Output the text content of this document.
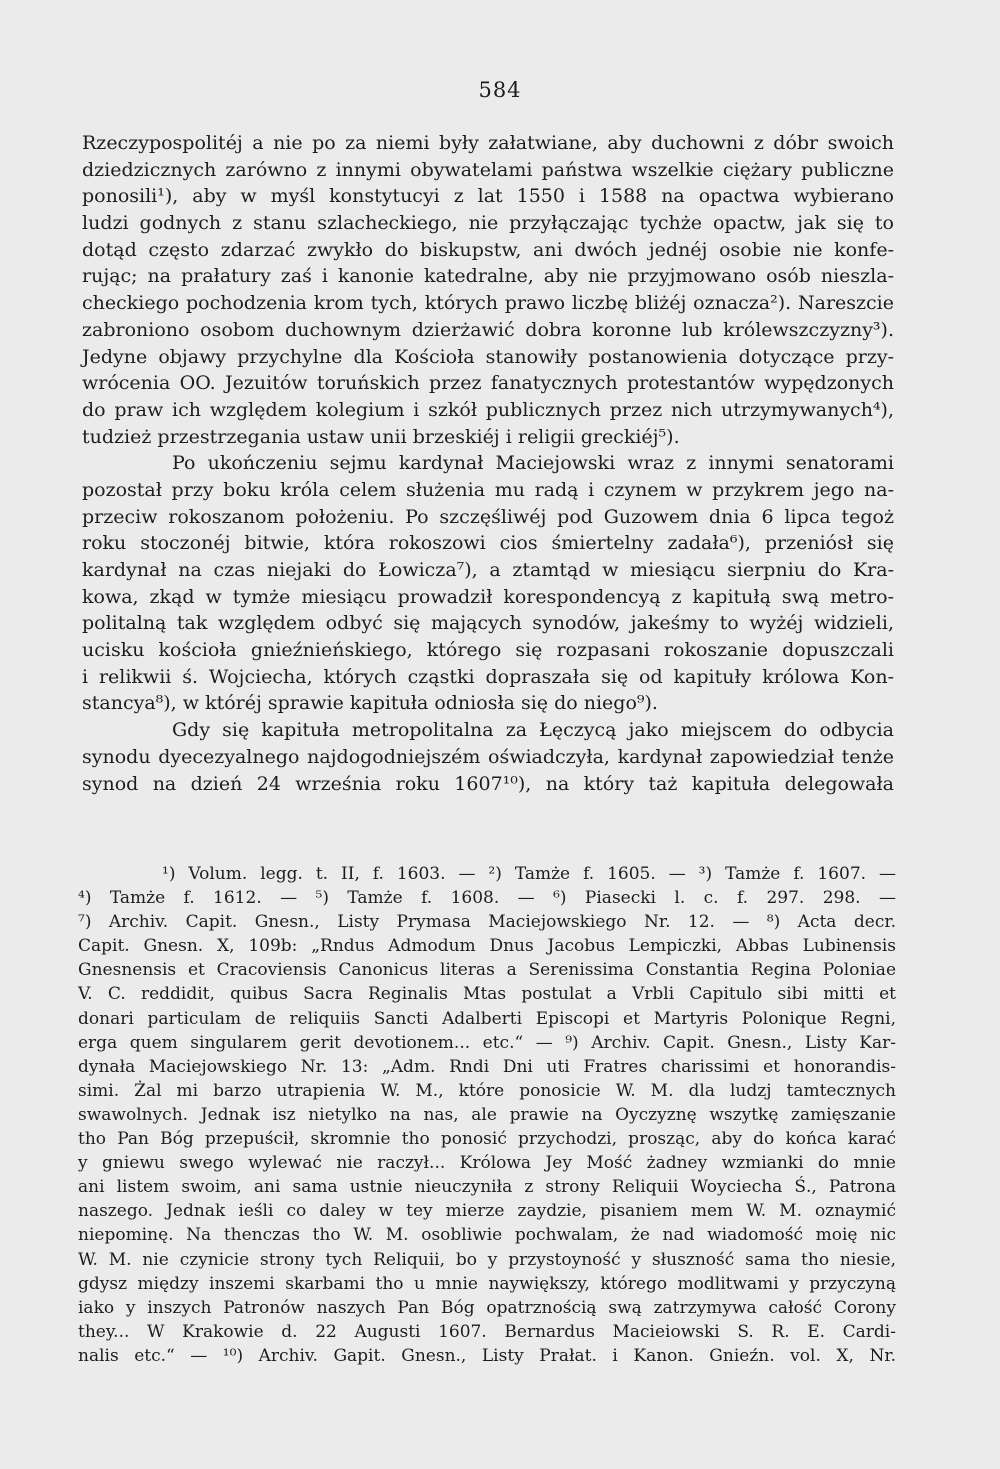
584
Rzeczypospolitéj a nie po za niemi były załatwiane, aby duchowni z dóbr swoich
dziedzicznych zarówno z innymi obywatelami państwa wszelkie ciężary publiczne
ponosili¹), aby w myśl konstytucyi z lat 1550 i 1588 na opactwa wybierano
ludzi godnych z stanu szlacheckiego, nie przyłączając tychże opactw, jak się to
dotąd często zdarzać zwykło do biskupstw, ani dwóch jednéj osobie nie konfe-
rując; na prałatury zaś i kanonie katedralne, aby nie przyjmowano osób nieszla-
checkiego pochodzenia krom tych, których prawo liczbę bliżéj oznacza²). Nareszcie
zabroniono osobom duchownym dzierżawić dobra koronne lub królewszczyzny³).
Jedyne objawy przychylne dla Kościoła stanowiły postanowienia dotyczące przy-
wrócenia OO. Jezuitów toruńskich przez fanatycznych protestantów wypędzonych
do praw ich względem kolegium i szkół publicznych przez nich utrzymywanych⁴),
tudzież przestrzegania ustaw unii brzeskiéj i religii greckiéj⁵).
Po ukończeniu sejmu kardynał Maciejowski wraz z innymi senatorami
pozostał przy boku króla celem służenia mu radą i czynem w przykrem jego na-
przeciw rokoszanom położeniu. Po szczęśliwéj pod Guzowem dnia 6 lipca tegoż
roku stoczonéj bitwie, która rokoszowi cios śmiertelny zadała⁶), przeniósł się
kardynał na czas niejaki do Łowicza⁷), a ztamtąd w miesiącu sierpniu do Kra-
kowa, zkąd w tymże miesiącu prowadził korespondencyą z kapitułą swą metro-
politalną tak względem odbyć się mających synodów, jakeśmy to wyżéj widzieli,
ucisku kościoła gnieźnieńskiego, którego się rozpasani rokoszanie dopuszczali
i relikwii ś. Wojciecha, których cząstki dopraszała się od kapituły królowa Kon-
stancya⁸), w któréj sprawie kapituła odniosła się do niego⁹).
Gdy się kapituła metropolitalna za Łęczycą jako miejscem do odbycia
synodu dyecezyalnego najdogodniejszém oświadczyła, kardynał zapowiedział tenże
synod na dzień 24 września roku 1607¹⁰), na który taż kapituła delegowała
¹) Volum. legg. t. II, f. 1603. — ²) Tamże f. 1605. — ³) Tamże f. 1607. —
⁴) Tamże f. 1612. — ⁵) Tamże f. 1608. — ⁶) Piasecki l. c. f. 297. 298. —
⁷) Archiv. Capit. Gnesn., Listy Prymasa Maciejowskiego Nr. 12. — ⁸) Acta decr.
Capit. Gnesn. X, 109b: „Rndus Admodum Dnus Jacobus Lempiczki, Abbas Lubinensis
Gnesnensis et Cracoviensis Canonicus literas a Serenissima Constantia Regina Poloniae
V. C. reddidit, quibus Sacra Reginalis Mtas postulat a Vrbli Capitulo sibi mitti et
donari particulam de reliquiis Sancti Adalberti Episcopi et Martyris Polonique Regni,
erga quem singularem gerit devotionem... etc.“ — ⁹) Archiv. Capit. Gnesn., Listy Kar-
dynała Maciejowskiego Nr. 13: „Adm. Rndi Dni uti Fratres charissimi et honorandis-
simi. Żal mi barzo utrapienia W. M., które ponosicie W. M. dla ludzj tamtecznych
swawolnych. Jednak isz nietylko na nas, ale prawie na Oyczyznę wszytkę zamięszanie
tho Pan Bóg przepuścił, skromnie tho ponosić przychodzi, prosząc, aby do końca karać
y gniewu swego wylewać nie raczył... Królowa Jey Mość żadney wzmianki do mnie
ani listem swoim, ani sama ustnie nieuczyniła z strony Reliquii Woyciecha Ś., Patrona
naszego. Jednak ieśli co daley w tey mierze zaydzie, pisaniem mem W. M. oznaymić
niepominę. Na thenczas tho W. M. osobliwie pochwalam, że nad wiadomość moię nic
W. M. nie czynicie strony tych Reliquii, bo y przystoyność y słuszność sama tho niesie,
gdysz między inszemi skarbami tho u mnie naywiększy, którego modlitwami y przyczyną
iako y inszych Patronów naszych Pan Bóg opatrznością swą zatrzymywa całość Corony
they... W Krakowie d. 22 Augusti 1607. Bernardus Macieiowski S. R. E. Cardi-
nalis etc.“ — ¹⁰) Archiv. Gapit. Gnesn., Listy Prałat. i Kanon. Gnieźn. vol. X, Nr.
